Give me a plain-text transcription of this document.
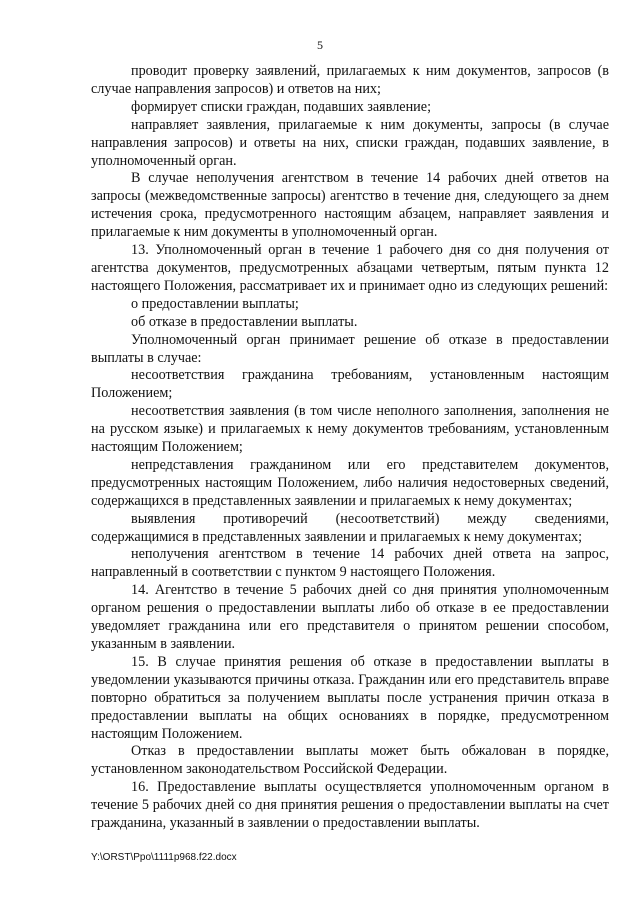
5

проводит проверку заявлений, прилагаемых к ним документов, запросов (в случае направления запросов) и ответов на них;

формирует списки граждан, подавших заявление;

направляет заявления, прилагаемые к ним документы, запросы (в случае направления запросов) и ответы на них, списки граждан, подавших заявление, в уполномоченный орган.

В случае неполучения агентством в течение 14 рабочих дней ответов на запросы (межведомственные запросы) агентство в течение дня, следующего за днем истечения срока, предусмотренного настоящим абзацем, направляет заявления и прилагаемые к ним документы в уполномоченный орган.

13. Уполномоченный орган в течение 1 рабочего дня со дня получения от агентства документов, предусмотренных абзацами четвертым, пятым пункта 12 настоящего Положения, рассматривает их и принимает одно из следующих решений:

о предоставлении выплаты;

об отказе в предоставлении выплаты.

Уполномоченный орган принимает решение об отказе в предоставлении выплаты в случае:

несоответствия гражданина требованиям, установленным настоящим Положением;

несоответствия заявления (в том числе неполного заполнения, заполнения не на русском языке) и прилагаемых к нему документов требованиям, установленным настоящим Положением;

непредставления гражданином или его представителем документов, предусмотренных настоящим Положением, либо наличия недостоверных сведений, содержащихся в представленных заявлении и прилагаемых к нему документах;

выявления противоречий (несоответствий) между сведениями, содержащимися в представленных заявлении и прилагаемых к нему документах;

неполучения агентством в течение 14 рабочих дней ответа на запрос, направленный в соответствии с пунктом 9 настоящего Положения.

14. Агентство в течение 5 рабочих дней со дня принятия уполномоченным органом решения о предоставлении выплаты либо об отказе в ее предоставлении уведомляет гражданина или его представителя о принятом решении способом, указанным в заявлении.

15. В случае принятия решения об отказе в предоставлении выплаты в уведомлении указываются причины отказа. Гражданин или его представитель вправе повторно обратиться за получением выплаты после устранения причин отказа в предоставлении выплаты на общих основаниях в порядке, предусмотренном настоящим Положением.

Отказ в предоставлении выплаты может быть обжалован в порядке, установленном законодательством Российской Федерации.

16. Предоставление выплаты осуществляется уполномоченным органом в течение 5 рабочих дней со дня принятия решения о предоставлении выплаты на счет гражданина, указанный в заявлении о предоставлении выплаты.

Y:\ORST\Ppo\1111p968.f22.docx
